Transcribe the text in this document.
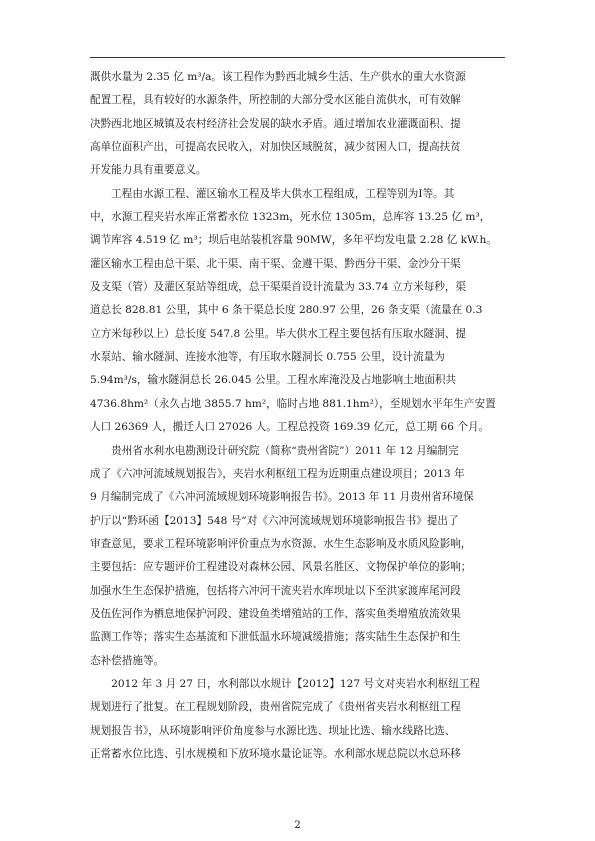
溉供水量为 2.35 亿 m³/a。该工程作为黔西北城乡生活、生产供水的重大水资源
配置工程，具有较好的水源条件，所控制的大部分受水区能自流供水，可有效解
决黔西北地区城镇及农村经济社会发展的缺水矛盾。通过增加农业灌溉面积、提
高单位面积产出，可提高农民收入，对加快区域脱贫，减少贫困人口，提高扶贫
开发能力具有重要意义。

　　工程由水源工程、灌区输水工程及毕大供水工程组成，工程等别为Ⅰ等。其
中，水源工程夹岩水库正常蓄水位 1323m，死水位 1305m，总库容 13.25 亿 m³，
调节库容 4.519 亿 m³；坝后电站装机容量 90MW，多年平均发电量 2.28 亿 kW.h。
灌区输水工程由总干渠、北干渠、南干渠、金遵干渠、黔西分干渠、金沙分干渠
及支渠（管）及灌区泵站等组成，总干渠渠首设计流量为 33.74 立方米每秒，渠
道总长 828.81 公里，其中 6 条干渠总长度 280.97 公里，26 条支渠（流量在 0.3
立方米每秒以上）总长度 547.8 公里。毕大供水工程主要包括有压取水隧洞、提
水泵站、输水隧洞、连接水池等，有压取水隧洞长 0.755 公里，设计流量为
5.94m³/s，输水隧洞总长 26.045 公里。工程水库淹没及占地影响土地面积共
4736.8hm²（永久占地 3855.7 hm²，临时占地 881.1hm²），至规划水平年生产安置
人口 26369 人，搬迁人口 27026 人。工程总投资 169.39 亿元，总工期 66 个月。

　　贵州省水利水电勘测设计研究院（简称“贵州省院”）2011 年 12 月编制完
成了《六冲河流域规划报告》，夹岩水利枢纽工程为近期重点建设项目；2013 年
9 月编制完成了《六冲河流域规划环境影响报告书》。2013 年 11 月贵州省环境保
护厅以“黔环函【2013】548 号”对《六冲河流域规划环境影响报告书》提出了
审查意见，要求工程环境影响评价重点为水资源、水生生态影响及水质风险影响，
主要包括：应专题评价工程建设对森林公园、风景名胜区、文物保护单位的影响；
加强水生生态保护措施，包括将六冲河干流夹岩水库坝址以下至洪家渡库尾河段
及伍佐河作为栖息地保护河段、建设鱼类增殖站的工作、落实鱼类增殖放流效果
监测工作等；落实生态基流和下泄低温水环境减缓措施；落实陆生生态保护和生
态补偿措施等。

　　2012 年 3 月 27 日，水利部以水规计【2012】127 号文对夹岩水利枢纽工程
规划进行了批复。在工程规划阶段，贵州省院完成了《贵州省夹岩水利枢纽工程
规划报告书》，从环境影响评价角度参与水源比选、坝址比选、输水线路比选、
正常蓄水位比选、引水规模和下放环境水量论证等。水利部水规总院以水总环移

2
